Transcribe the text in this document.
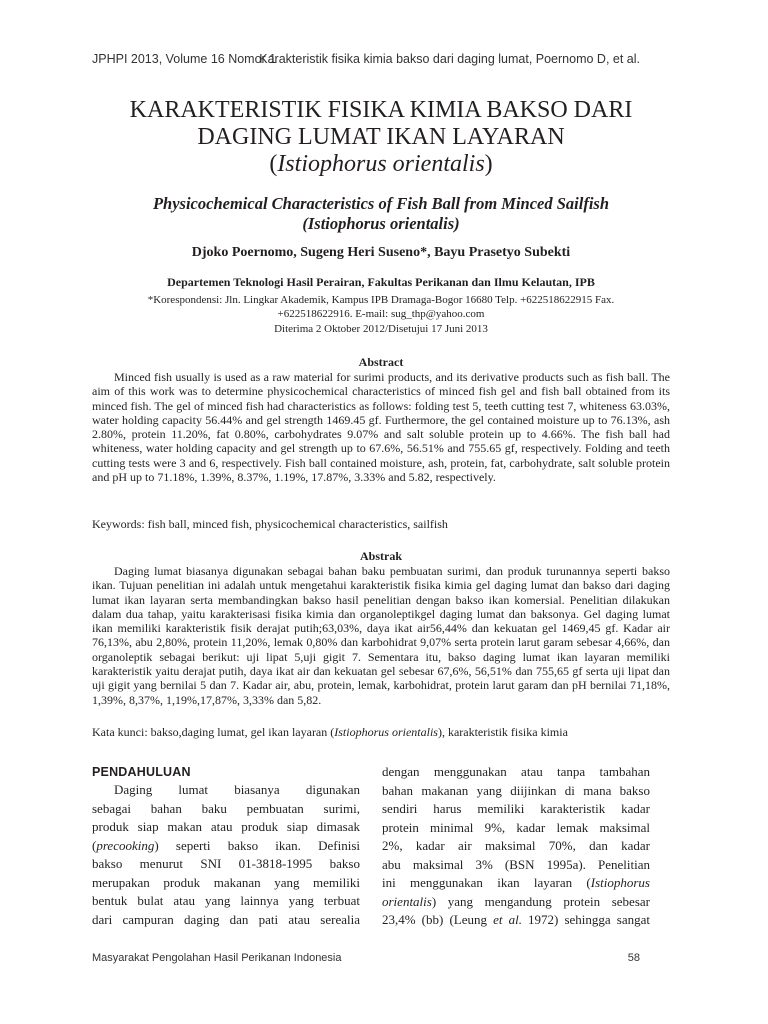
JPHPI 2013, Volume 16 Nomor 1
Karakteristik fisika kimia bakso dari daging lumat, Poernomo D, et al.
KARAKTERISTIK FISIKA KIMIA BAKSO DARI
DAGING LUMAT IKAN LAYARAN
(Istiophorus orientalis)
Physicochemical Characteristics of Fish Ball from Minced Sailfish
(Istiophorus orientalis)
Djoko Poernomo, Sugeng Heri Suseno*, Bayu Prasetyo Subekti
Departemen Teknologi Hasil Perairan, Fakultas Perikanan dan Ilmu Kelautan, IPB
*Korespondensi: Jln. Lingkar Akademik, Kampus IPB Dramaga-Bogor 16680 Telp. +622518622915 Fax.
+622518622916. E-mail: sug_thp@yahoo.com
Diterima 2 Oktober 2012/Disetujui 17 Juni 2013
Abstract

Minced fish usually is used as a raw material for surimi products, and its derivative products such as fish ball. The aim of this work was to determine physicochemical characteristics of minced fish gel and fish ball obtained from its minced fish. The gel of minced fish had characteristics as follows: folding test 5, teeth cutting test 7, whiteness 63.03%, water holding capacity 56.44% and gel strength 1469.45 gf. Furthermore, the gel contained moisture up to 76.13%, ash 2.80%, protein 11.20%, fat 0.80%, carbohydrates 9.07% and salt soluble protein up to 4.66%. The fish ball had whiteness, water holding capacity and gel strength up to 67.6%, 56.51% and 755.65 gf, respectively. Folding and teeth cutting tests were 3 and 6, respectively. Fish ball contained moisture, ash, protein, fat, carbohydrate, salt soluble protein and pH up to 71.18%, 1.39%, 8.37%, 1.19%, 17.87%, 3.33% and 5.82, respectively.

Keywords: fish ball, minced fish, physicochemical characteristics, sailfish
Abstrak

Daging lumat biasanya digunakan sebagai bahan baku pembuatan surimi, dan produk turunannya seperti bakso ikan. Tujuan penelitian ini adalah untuk mengetahui karakteristik fisika kimia gel daging lumat dan bakso dari daging lumat ikan layaran serta membandingkan bakso hasil penelitian dengan bakso ikan komersial. Penelitian dilakukan dalam dua tahap, yaitu karakterisasi fisika kimia dan organoleptikgel daging lumat dan baksonya. Gel daging lumat ikan memiliki karakteristik fisik derajat putih;63,03%, daya ikat air56,44% dan kekuatan gel 1469,45 gf. Kadar air 76,13%, abu 2,80%, protein 11,20%, lemak 0,80% dan karbohidrat 9,07% serta protein larut garam sebesar 4,66%, dan organoleptik sebagai berikut: uji lipat 5,uji gigit 7. Sementara itu, bakso daging lumat ikan layaran memiliki karakteristik yaitu derajat putih, daya ikat air dan kekuatan gel sebesar 67,6%, 56,51% dan 755,65 gf serta uji lipat dan uji gigit yang bernilai 5 dan 7. Kadar air, abu, protein, lemak, karbohidrat, protein larut garam dan pH bernilai 71,18%, 1,39%, 8,37%, 1,19%,17,87%, 3,33% dan 5,82.

Kata kunci: bakso,daging lumat, gel ikan layaran (Istiophorus orientalis), karakteristik fisika kimia
PENDAHULUAN
Daging lumat biasanya digunakan
sebagai bahan baku pembuatan surimi,
produk siap makan atau produk siap dimasak
(precooking) seperti bakso ikan. Definisi
bakso menurut SNI 01-3818-1995 bakso
merupakan produk makanan yang memiliki
bentuk bulat atau yang lainnya yang terbuat
dari campuran daging dan pati atau serealia
dengan menggunakan atau tanpa tambahan
bahan makanan yang diijinkan di mana bakso
sendiri harus memiliki karakteristik kadar
protein minimal 9%, kadar lemak maksimal
2%, kadar air maksimal 70%, dan kadar
abu maksimal 3% (BSN 1995a). Penelitian
ini menggunakan ikan layaran (Istiophorus
orientalis) yang mengandung protein sebesar
23,4% (bb) (Leung et al. 1972) sehingga sangat
Masyarakat Pengolahan Hasil Perikanan Indonesia	58
